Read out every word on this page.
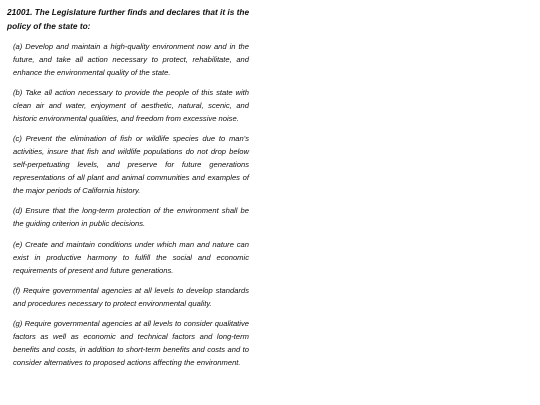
21001. The Legislature further finds and declares that it is the policy of the state to:

(a) Develop and maintain a high-quality environment now and in the future, and take all action necessary to protect, rehabilitate, and enhance the environmental quality of the state.

(b) Take all action necessary to provide the people of this state with clean air and water, enjoyment of aesthetic, natural, scenic, and historic environmental qualities, and freedom from excessive noise.

(c) Prevent the elimination of fish or wildlife species due to man's activities, insure that fish and wildlife populations do not drop below self-perpetuating levels, and preserve for future generations representations of all plant and animal communities and examples of the major periods of California history.

(d) Ensure that the long-term protection of the environment shall be the guiding criterion in public decisions.

(e) Create and maintain conditions under which man and nature can exist in productive harmony to fulfill the social and economic requirements of present and future generations.

(f) Require governmental agencies at all levels to develop standards and procedures necessary to protect environmental quality.

(g) Require governmental agencies at all levels to consider qualitative factors as well as economic and technical factors and long-term benefits and costs, in addition to short-term benefits and costs and to consider alternatives to proposed actions affecting the environment.
